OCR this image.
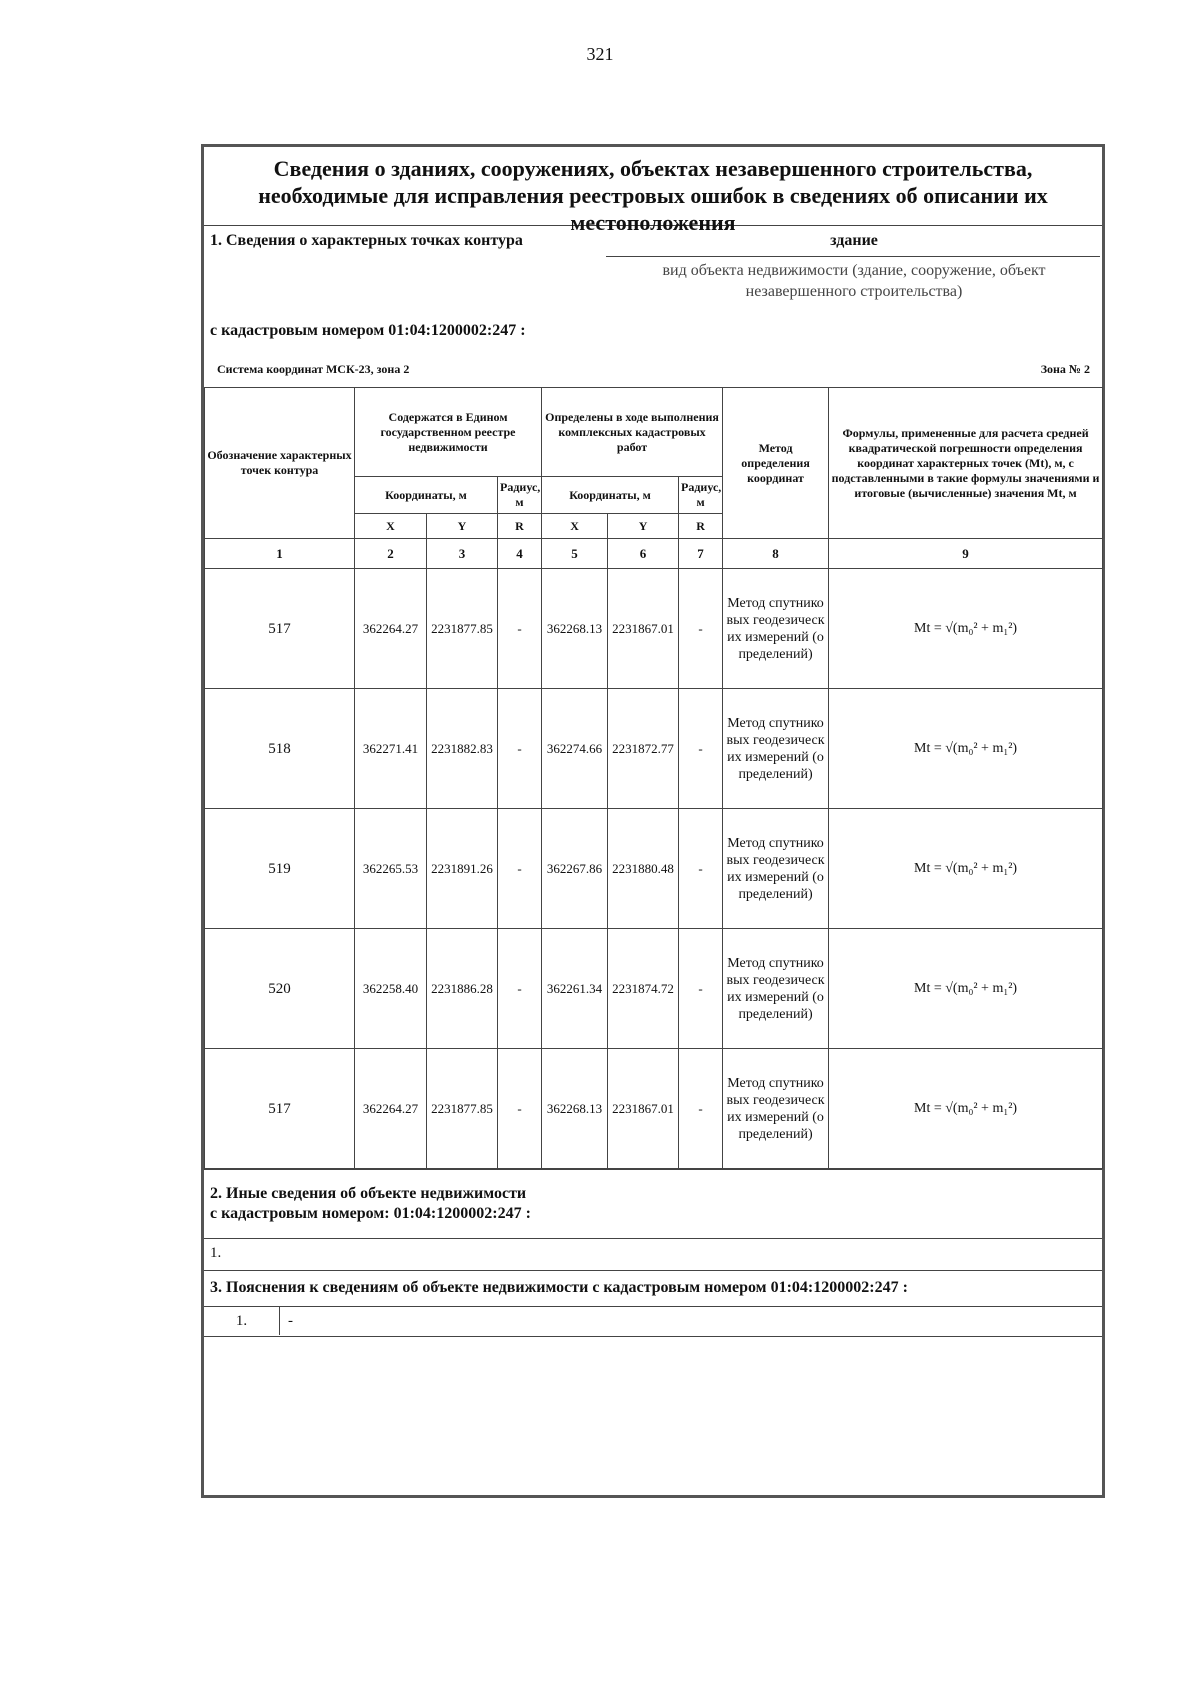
321
Сведения о зданиях, сооружениях, объектах незавершенного строительства, необходимые для исправления реестровых ошибок в сведениях об описании их местоположения
1. Сведения о характерных точках контура	здание
вид объекта недвижимости (здание, сооружение, объект незавершенного строительства)
с кадастровым номером 01:04:1200002:247 :
Система координат МСК-23, зона 2	Зона № 2
Обозначение характерных точек контура	Содержатся в Едином государственном реестре недвижимости			Определены в ходе выполнения комплексных кадастровых работ			Метод определения координат	Формулы, примененные для расчета средней квадратической погрешности определения координат характерных точек (Mt), м, с подставленными в такие формулы значениями и итоговые (вычисленные) значения Mt, м
	Координаты, м		Радиус, м	Координаты, м		Радиус, м		
	X	Y	R	X	Y	R		
1	2	3	4	5	6	7	8	9
517	362264.27	2231877.85	-	362268.13	2231867.01	-	Метод спутниковых геодезических измерений (определений)	Mt = √(m₀² + m₁²)
518	362271.41	2231882.83	-	362274.66	2231872.77	-	Метод спутниковых геодезических измерений (определений)	Mt = √(m₀² + m₁²)
519	362265.53	2231891.26	-	362267.86	2231880.48	-	Метод спутниковых геодезических измерений (определений)	Mt = √(m₀² + m₁²)
520	362258.40	2231886.28	-	362261.34	2231874.72	-	Метод спутниковых геодезических измерений (определений)	Mt = √(m₀² + m₁²)
517	362264.27	2231877.85	-	362268.13	2231867.01	-	Метод спутниковых геодезических измерений (определений)	Mt = √(m₀² + m₁²)
2. Иные сведения об объекте недвижимости
с кадастровым номером: 01:04:1200002:247 :
1.
3. Пояснения к сведениям об объекте недвижимости с кадастровым номером 01:04:1200002:247 :
1.	-
